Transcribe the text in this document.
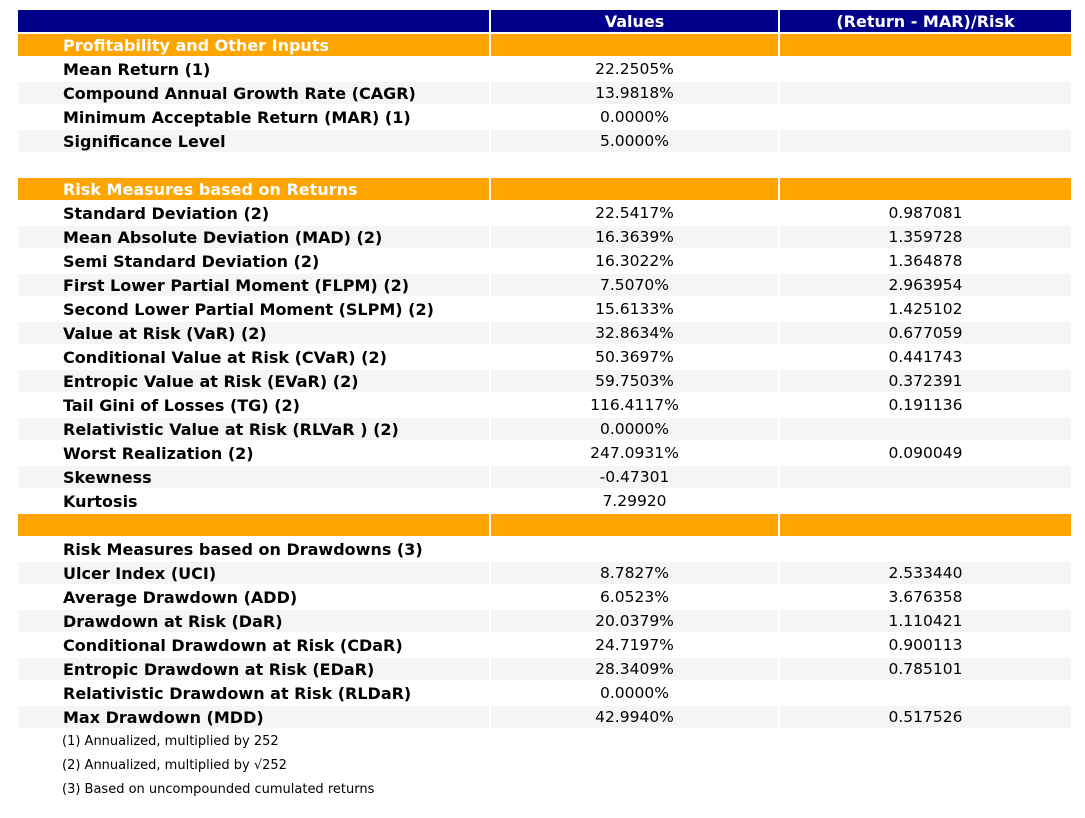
	Values	(Return - MAR)/Risk
Profitability and Other Inputs		
Mean Return (1)	22.2505%	
Compound Annual Growth Rate (CAGR)	13.9818%	
Minimum Acceptable Return (MAR) (1)	0.0000%	
Significance Level	5.0000%	

Risk Measures based on Returns		
Standard Deviation (2)	22.5417%	0.987081
Mean Absolute Deviation (MAD) (2)	16.3639%	1.359728
Semi Standard Deviation (2)	16.3022%	1.364878
First Lower Partial Moment (FLPM) (2)	7.5070%	2.963954
Second Lower Partial Moment (SLPM) (2)	15.6133%	1.425102
Value at Risk (VaR) (2)	32.8634%	0.677059
Conditional Value at Risk (CVaR) (2)	50.3697%	0.441743
Entropic Value at Risk (EVaR) (2)	59.7503%	0.372391
Tail Gini of Losses (TG) (2)	116.4117%	0.191136
Relativistic Value at Risk (RLVaR ) (2)	0.0000%	
Worst Realization (2)	247.0931%	0.090049
Skewness	-0.47301	
Kurtosis	7.29920	

Risk Measures based on Drawdowns (3)		
Ulcer Index (UCI)	8.7827%	2.533440
Average Drawdown (ADD)	6.0523%	3.676358
Drawdown at Risk (DaR)	20.0379%	1.110421
Conditional Drawdown at Risk (CDaR)	24.7197%	0.900113
Entropic Drawdown at Risk (EDaR)	28.3409%	0.785101
Relativistic Drawdown at Risk (RLDaR)	0.0000%	
Max Drawdown (MDD)	42.9940%	0.517526
(1) Annualized, multiplied by 252		
(2) Annualized, multiplied by √252		
(3) Based on uncompounded cumulated returns		
